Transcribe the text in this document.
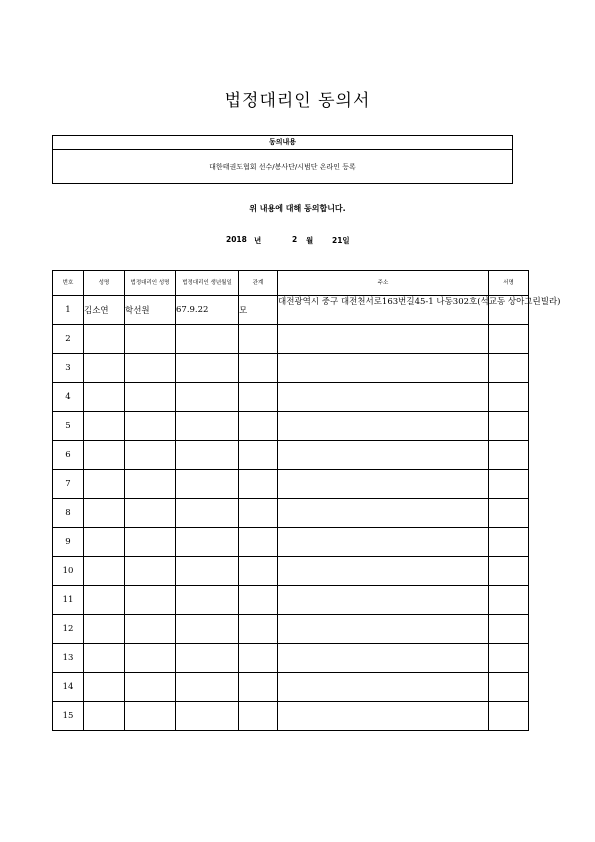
법정대리인 동의서
동의내용
대한태권도협회 선수/봉사단/시범단 온라인 등록
위 내용에 대해 동의합니다.
2018 년	2 월	21일
번호	성명	법정대리인 성명	법정대리인 생년월일	관계	주소	서명
1	김소연	학선원	67.9.22	모	대전광역시 중구 대전천서로163번길45-1 나동302호(석교동 상아그린빌라)	
2						
3						
4						
5						
6						
7						
8						
9						
10						
11						
12						
13						
14						
15						
